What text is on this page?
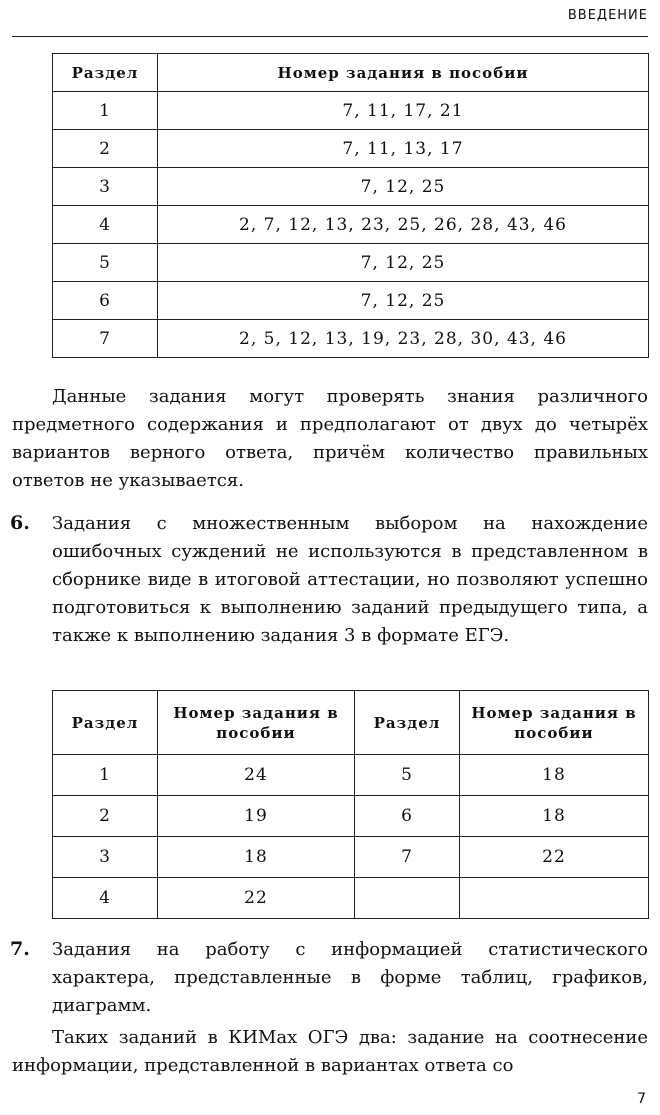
ВВЕДЕНИЕ
Раздел	Номер задания в пособии
1	7, 11, 17, 21
2	7, 11, 13, 17
3	7, 12, 25
4	2, 7, 12, 13, 23, 25, 26, 28, 43, 46
5	7, 12, 25
6	7, 12, 25
7	2, 5, 12, 13, 19, 23, 28, 30, 43, 46
Данные задания могут проверять знания различного предметного содержания и предполагают от двух до четырёх вариантов верного ответа, причём количество правильных ответов не указывается.
6. Задания с множественным выбором на нахождение ошибочных суждений не используются в представленном в сборнике виде в итоговой аттестации, но позволяют успешно подготовиться к выполнению заданий предыдущего типа, а также к выполнению задания 3 в формате ЕГЭ.
Раздел	Номер задания в пособии	Раздел	Номер задания в пособии
1	24	5	18
2	19	6	18
3	18	7	22
4	22		
7. Задания на работу с информацией статистического характера, представленные в форме таблиц, графиков, диаграмм.
Таких заданий в КИМах ОГЭ два: задание на соотнесение информации, представленной в вариантах ответа со
7
